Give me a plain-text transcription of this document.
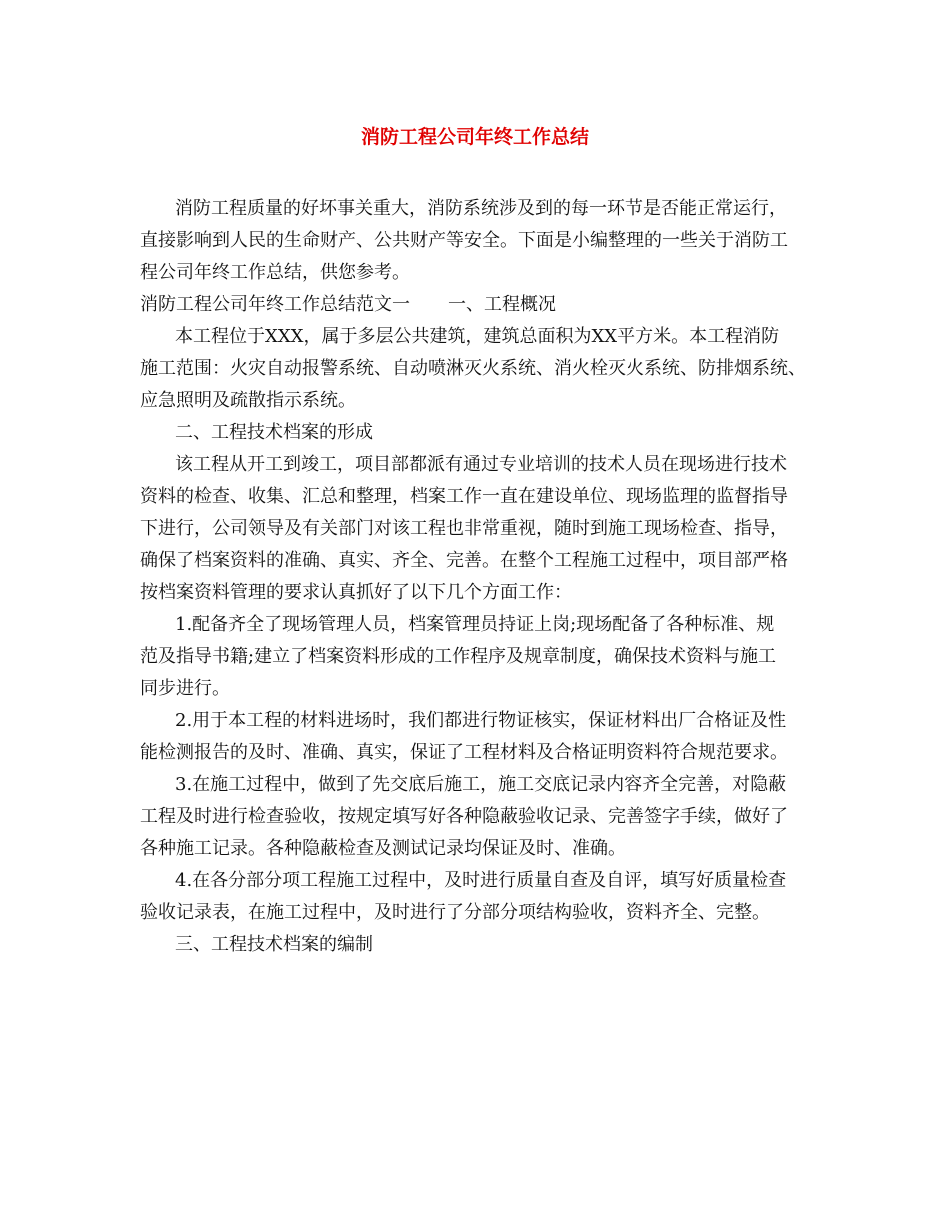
消防工程公司年终工作总结
消防工程质量的好坏事关重大，消防系统涉及到的每一环节是否能正常运行，
直接影响到人民的生命财产、公共财产等安全。下面是小编整理的一些关于消防工
程公司年终工作总结，供您参考。
消防工程公司年终工作总结范文一 一、工程概况
本工程位于XXX，属于多层公共建筑，建筑总面积为XX平方米。本工程消防
施工范围：火灾自动报警系统、自动喷淋灭火系统、消火栓灭火系统、防排烟系统、
应急照明及疏散指示系统。
二、工程技术档案的形成
该工程从开工到竣工，项目部都派有通过专业培训的技术人员在现场进行技术
资料的检查、收集、汇总和整理，档案工作一直在建设单位、现场监理的监督指导
下进行，公司领导及有关部门对该工程也非常重视，随时到施工现场检查、指导，
确保了档案资料的准确、真实、齐全、完善。在整个工程施工过程中，项目部严格
按档案资料管理的要求认真抓好了以下几个方面工作：
1.配备齐全了现场管理人员，档案管理员持证上岗;现场配备了各种标准、规
范及指导书籍;建立了档案资料形成的工作程序及规章制度，确保技术资料与施工
同步进行。
2.用于本工程的材料进场时，我们都进行物证核实，保证材料出厂合格证及性
能检测报告的及时、准确、真实，保证了工程材料及合格证明资料符合规范要求。
3.在施工过程中，做到了先交底后施工，施工交底记录内容齐全完善，对隐蔽
工程及时进行检查验收，按规定填写好各种隐蔽验收记录、完善签字手续，做好了
各种施工记录。各种隐蔽检查及测试记录均保证及时、准确。
4.在各分部分项工程施工过程中，及时进行质量自查及自评，填写好质量检查
验收记录表，在施工过程中，及时进行了分部分项结构验收，资料齐全、完整。
三、工程技术档案的编制
